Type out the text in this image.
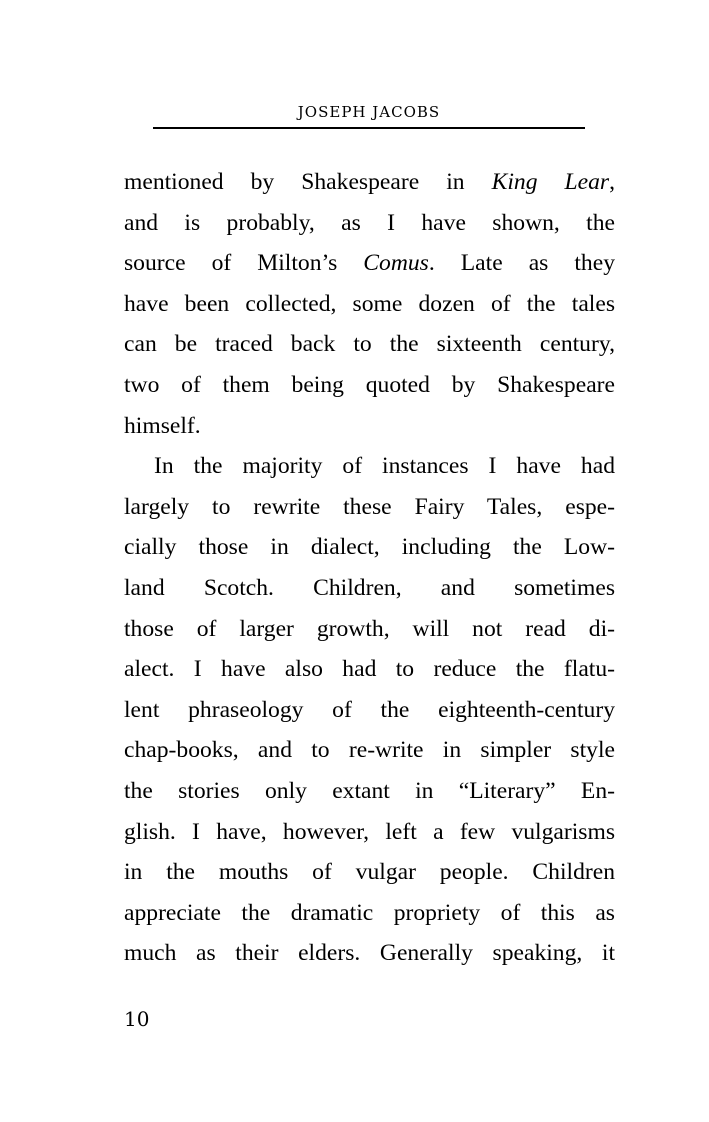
JOSEPH JACOBS
mentioned by Shakespeare in King Lear,
and is probably, as I have shown, the
source of Milton’s Comus. Late as they
have been collected, some dozen of the tales
can be traced back to the sixteenth century,
two of them being quoted by Shakespeare
himself.
In the majority of instances I have had
largely to rewrite these Fairy Tales, espe-
cially those in dialect, including the Low-
land Scotch. Children, and sometimes
those of larger growth, will not read di-
alect. I have also had to reduce the flatu-
lent phraseology of the eighteenth-century
chap-books, and to re-write in simpler style
the stories only extant in “Literary” En-
glish. I have, however, left a few vulgarisms
in the mouths of vulgar people. Children
appreciate the dramatic propriety of this as
much as their elders. Generally speaking, it
10
